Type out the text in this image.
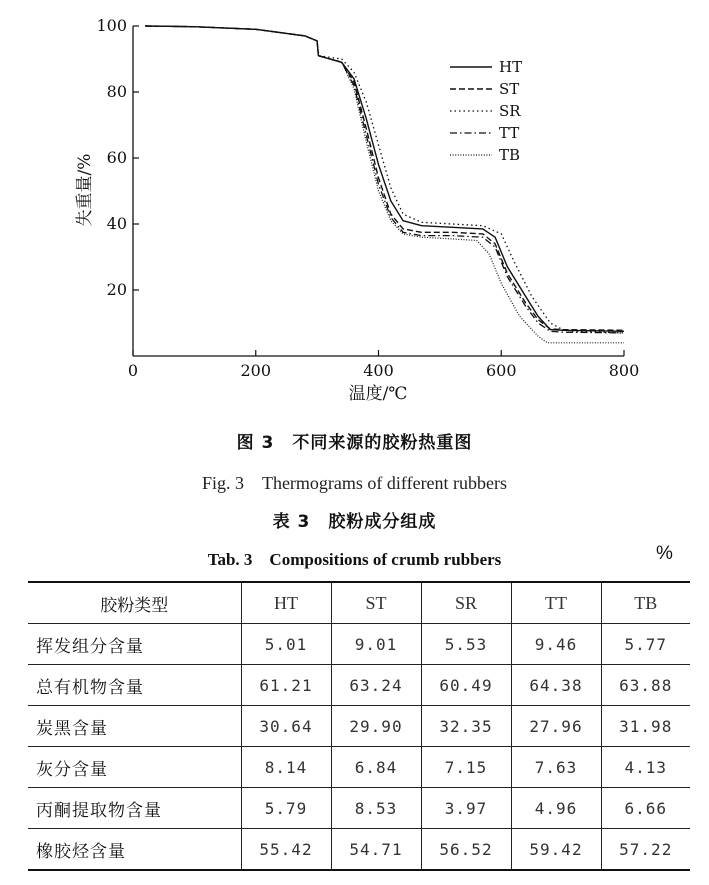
0	200	400	600	800
20
40
60
80
100
温度/℃
失重量/%
HT
ST
SR
TT
TB
图 3　不同来源的胶粉热重图
Fig. 3　Thermograms of different rubbers
表 3　胶粉成分组成
Tab. 3　Compositions of crumb rubbers	%
胶粉类型	HT	ST	SR	TT	TB
挥发组分含量	5.01	9.01	5.53	9.46	5.77
总有机物含量	61.21	63.24	60.49	64.38	63.88
炭黑含量	30.64	29.90	32.35	27.96	31.98
灰分含量	8.14	6.84	7.15	7.63	4.13
丙酮提取物含量	5.79	8.53	3.97	4.96	6.66
橡胶烃含量	55.42	54.71	56.52	59.42	57.22
